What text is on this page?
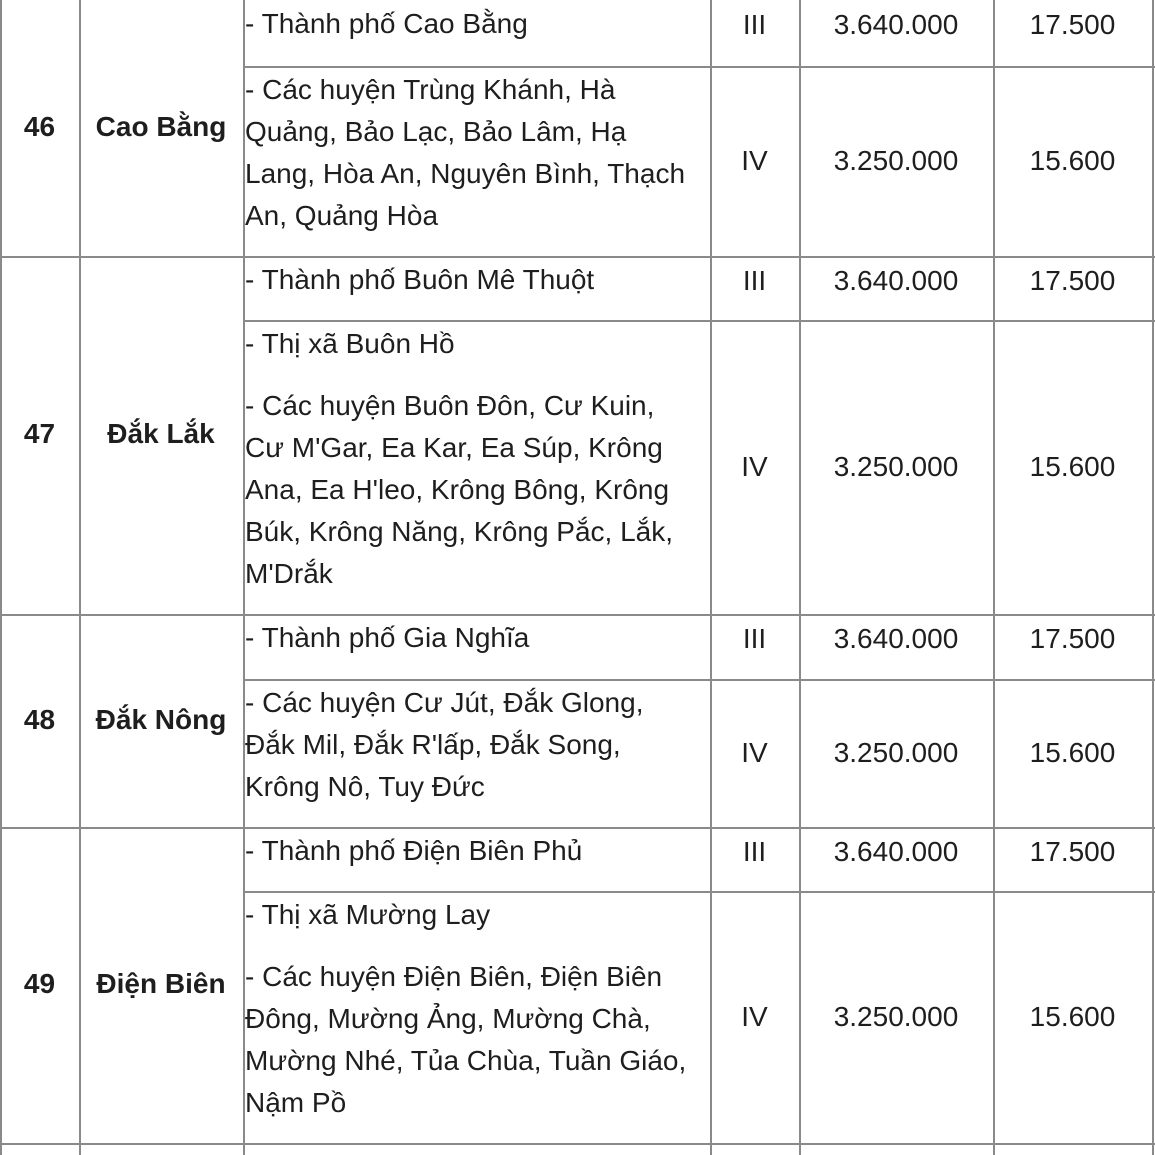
46	Cao Bằng
- Thành phố Cao Bằng	III	3.640.000	17.500
- Các huyện Trùng Khánh, Hà
Quảng, Bảo Lạc, Bảo Lâm, Hạ
Lang, Hòa An, Nguyên Bình, Thạch
An, Quảng Hòa
IV	3.250.000	15.600
47	Đắk Lắk
- Thành phố Buôn Mê Thuột	III	3.640.000	17.500
- Thị xã Buôn Hồ
- Các huyện Buôn Đôn, Cư Kuin,
Cư M'Gar, Ea Kar, Ea Súp, Krông
Ana, Ea H'leo, Krông Bông, Krông
Búk, Krông Năng, Krông Pắc, Lắk,
M'Drắk
IV	3.250.000	15.600
48	Đắk Nông
- Thành phố Gia Nghĩa	III	3.640.000	17.500
- Các huyện Cư Jút, Đắk Glong,
Đắk Mil, Đắk R'lấp, Đắk Song,
Krông Nô, Tuy Đức
IV	3.250.000	15.600
49	Điện Biên
- Thành phố Điện Biên Phủ	III	3.640.000	17.500
- Thị xã Mường Lay
- Các huyện Điện Biên, Điện Biên
Đông, Mường Ảng, Mường Chà,
Mường Nhé, Tủa Chùa, Tuần Giáo,
Nậm Pồ
IV	3.250.000	15.600
